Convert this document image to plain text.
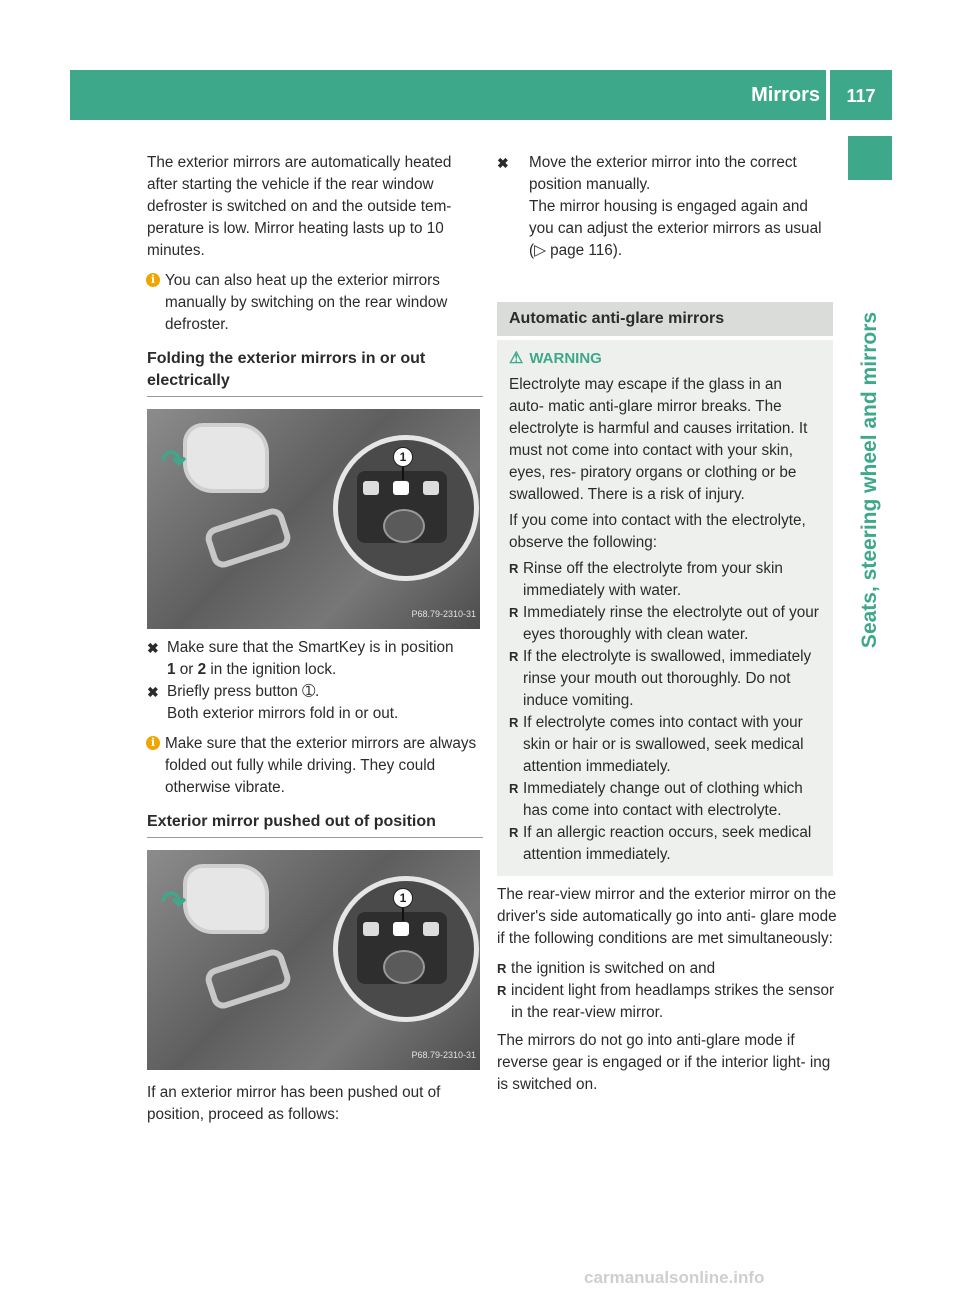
Mirrors	117
Seats, steering wheel and mirrors

The exterior mirrors are automatically heated after starting the vehicle if the rear window defroster is switched on and the outside tem- perature is low. Mirror heating lasts up to 10 minutes.

i You can also heat up the exterior mirrors manually by switching on the rear window defroster.

Folding the exterior mirrors in or out electrically
↷	1
P68.79-2310-31

✖ Make sure that the SmartKey is in position
1 or 2 in the ignition lock.

✖ Briefly press button ➀.
Both exterior mirrors fold in or out.

i Make sure that the exterior mirrors are always folded out fully while driving. They could otherwise vibrate.

Exterior mirror pushed out of position
↷	1
P68.79-2310-31

If an exterior mirror has been pushed out of position, proceed as follows:

✖ Move the exterior mirror into the correct position manually.
The mirror housing is engaged again and you can adjust the exterior mirrors as usual (▷ page 116).

Automatic anti-glare mirrors

⚠ WARNING

Electrolyte may escape if the glass in an auto- matic anti-glare mirror breaks. The electrolyte is harmful and causes irritation. It must not come into contact with your skin, eyes, res- piratory organs or clothing or be swallowed. There is a risk of injury.

If you come into contact with the electrolyte, observe the following:

R Rinse off the electrolyte from your skin immediately with water.

R Immediately rinse the electrolyte out of your eyes thoroughly with clean water.

R If the electrolyte is swallowed, immediately rinse your mouth out thoroughly. Do not induce vomiting.

R If electrolyte comes into contact with your skin or hair or is swallowed, seek medical attention immediately.

R Immediately change out of clothing which has come into contact with electrolyte.

R If an allergic reaction occurs, seek medical attention immediately.

The rear-view mirror and the exterior mirror on the driver's side automatically go into anti- glare mode if the following conditions are met simultaneously:

R the ignition is switched on and

R incident light from headlamps strikes the sensor in the rear-view mirror.

The mirrors do not go into anti-glare mode if reverse gear is engaged or if the interior light- ing is switched on.

carmanualsonline.info
